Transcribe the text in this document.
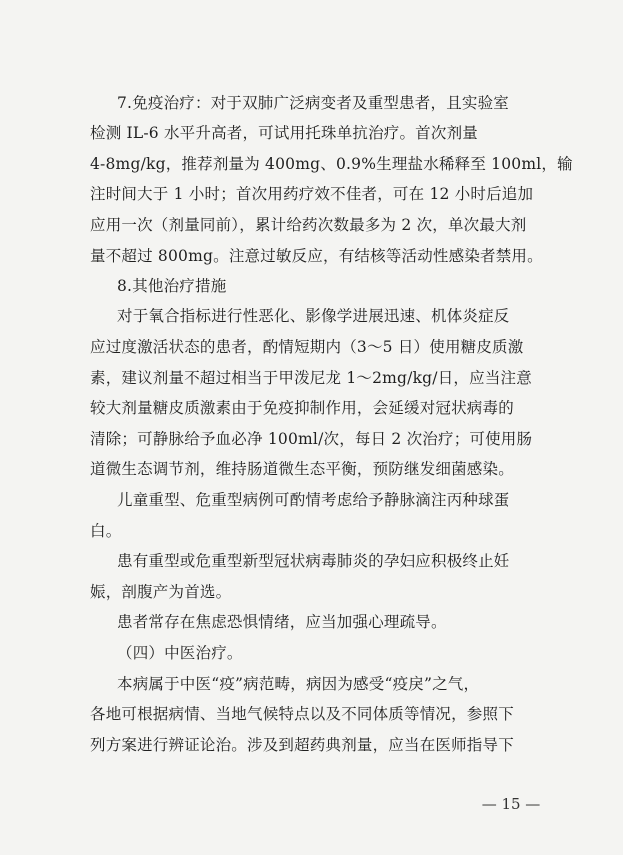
7.免疫治疗：对于双肺广泛病变者及重型患者，且实验室
检测 IL-6 水平升高者，可试用托珠单抗治疗。首次剂量
4-8mg/kg，推荐剂量为 400mg、0.9%生理盐水稀释至 100ml，输
注时间大于 1 小时；首次用药疗效不佳者，可在 12 小时后追加
应用一次（剂量同前），累计给药次数最多为 2 次，单次最大剂
量不超过 800mg。注意过敏反应，有结核等活动性感染者禁用。
8.其他治疗措施
对于氧合指标进行性恶化、影像学进展迅速、机体炎症反
应过度激活状态的患者，酌情短期内（3～5 日）使用糖皮质激
素，建议剂量不超过相当于甲泼尼龙 1～2mg/kg/日，应当注意
较大剂量糖皮质激素由于免疫抑制作用，会延缓对冠状病毒的
清除；可静脉给予血必净 100ml/次，每日 2 次治疗；可使用肠
道微生态调节剂，维持肠道微生态平衡，预防继发细菌感染。
儿童重型、危重型病例可酌情考虑给予静脉滴注丙种球蛋
白。
患有重型或危重型新型冠状病毒肺炎的孕妇应积极终止妊
娠，剖腹产为首选。
患者常存在焦虑恐惧情绪，应当加强心理疏导。
（四）中医治疗。
本病属于中医“疫”病范畴，病因为感受“疫戾”之气，
各地可根据病情、当地气候特点以及不同体质等情况，参照下
列方案进行辨证论治。涉及到超药典剂量，应当在医师指导下
— 15 —
